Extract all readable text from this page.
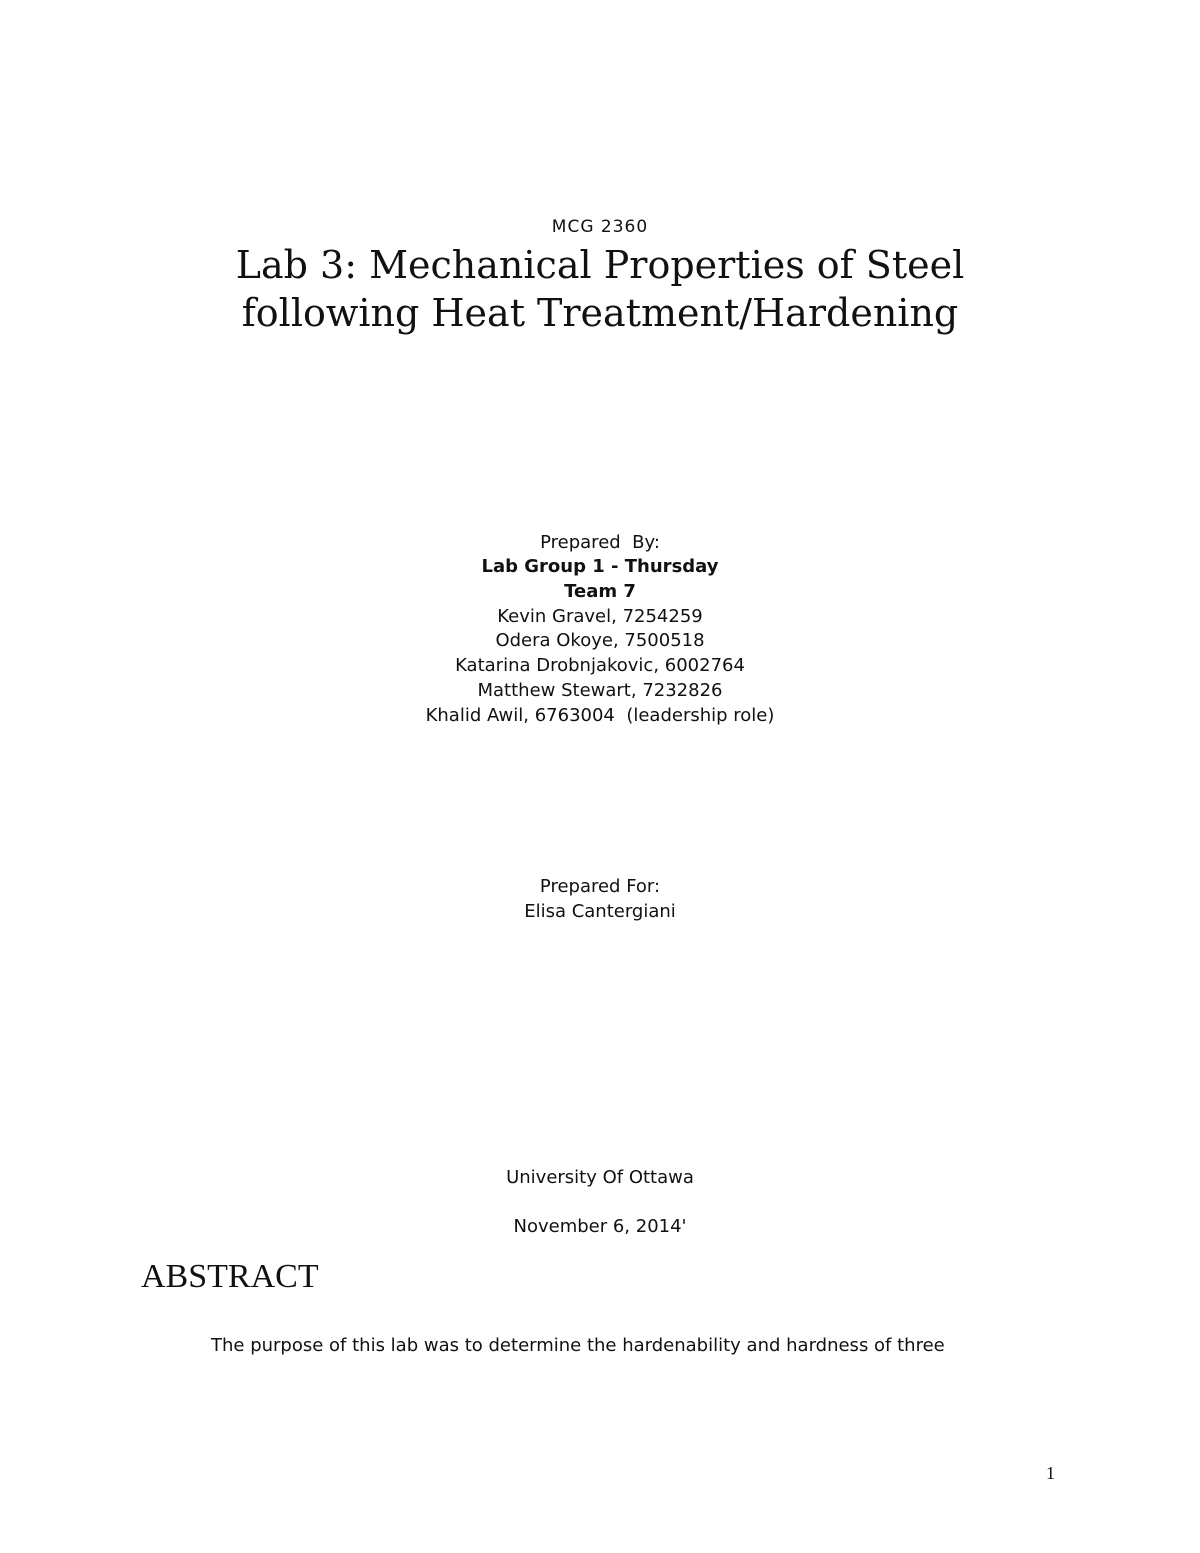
MCG 2360
Lab 3: Mechanical Properties of Steel
following Heat Treatment/Hardening
Prepared  By:
Lab Group 1 - Thursday
Team 7
Kevin Gravel, 7254259
Odera Okoye, 7500518
Katarina Drobnjakovic, 6002764
Matthew Stewart, 7232826
Khalid Awil, 6763004  (leadership role)
Prepared For:
Elisa Cantergiani
University Of Ottawa
November 6, 2014'
ABSTRACT
The purpose of this lab was to determine the hardenability and hardness of three
1
